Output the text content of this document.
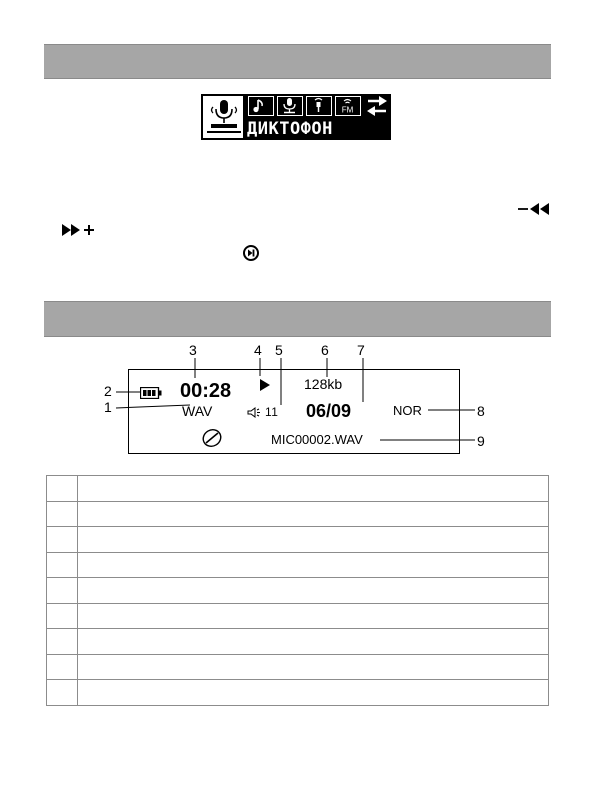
FM
ДИКТОФОН
3	4 5	6 7
2
1	8
9
00:28	128kb
WAV	11 06/09	NOR
MIC00002.WAV
